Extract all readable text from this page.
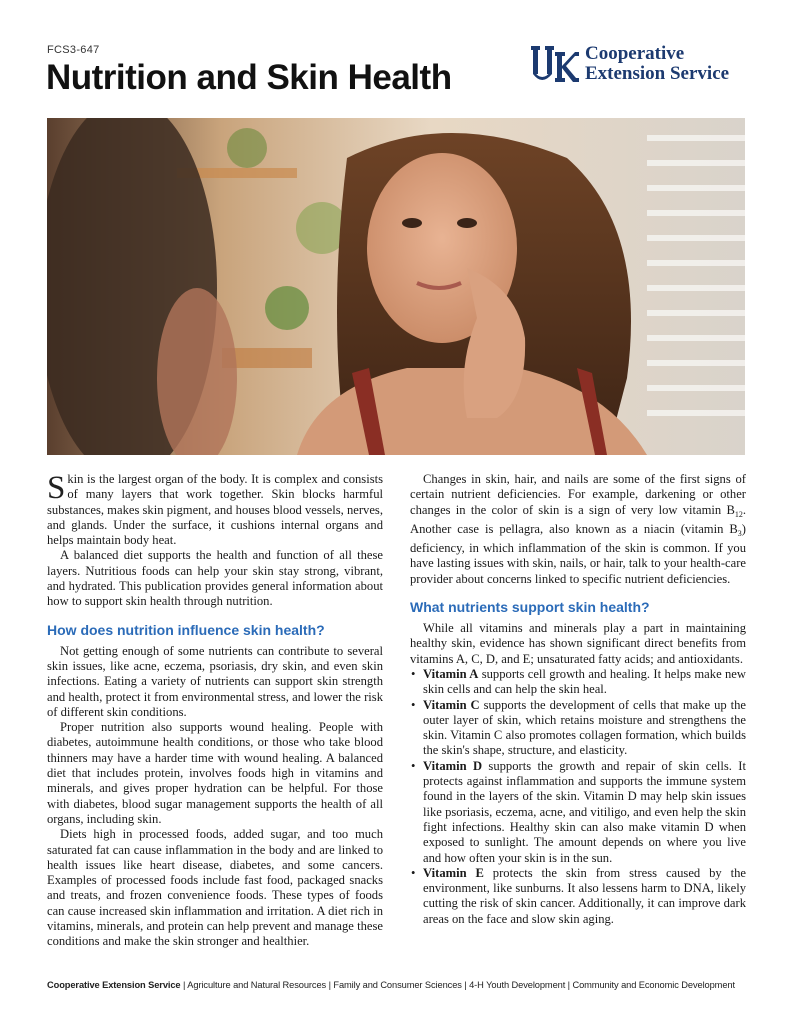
FCS3-647
Nutrition and Skin Health
Cooperative
Extension Service

Skin is the largest organ of the body. It is complex and consists of many layers that work together. Skin blocks harmful substances, makes skin pigment, and houses blood vessels, nerves, and glands. Under the surface, it cushions internal organs and helps maintain body heat.

A balanced diet supports the health and function of all these layers. Nutritious foods can help your skin stay strong, vibrant, and hydrated. This publication provides general information about how to support skin health through nutrition.

How does nutrition influence skin health?

Not getting enough of some nutrients can contribute to several skin issues, like acne, eczema, psoriasis, dry skin, and even skin infections. Eating a variety of nutrients can support skin strength and health, protect it from environmental stress, and lower the risk of different skin conditions.

Proper nutrition also supports wound healing. People with diabetes, autoimmune health conditions, or those who take blood thinners may have a harder time with wound healing. A balanced diet that includes protein, involves foods high in vitamins and minerals, and gives proper hydration can be helpful. For those with diabetes, blood sugar management supports the health of all organs, including skin.

Diets high in processed foods, added sugar, and too much saturated fat can cause inflammation in the body and are linked to health issues like heart disease, diabetes, and some cancers. Examples of processed foods include fast food, packaged snacks and treats, and frozen convenience foods. These types of foods can cause increased skin inflammation and irritation. A diet rich in vitamins, minerals, and protein can help prevent and manage these conditions and make the skin stronger and healthier.

Changes in skin, hair, and nails are some of the first signs of certain nutrient deficiencies. For example, darkening or other changes in the color of skin is a sign of very low vitamin $B_{12}$. Another case is pellagra, also known as a niacin (vitamin $B_3$) deficiency, in which inflammation of the skin is common. If you have lasting issues with skin, nails, or hair, talk to your health-care provider about concerns linked to specific nutrient deficiencies.

What nutrients support skin health?

While all vitamins and minerals play a part in maintaining healthy skin, evidence has shown significant direct benefits from vitamins A, C, D, and E; unsaturated fatty acids; and antioxidants.

• Vitamin A supports cell growth and healing. It helps make new skin cells and can help the skin heal.
• Vitamin C supports the development of cells that make up the outer layer of skin, which retains moisture and strengthens the skin. Vitamin C also promotes collagen formation, which builds the skin's shape, structure, and elasticity.
• Vitamin D supports the growth and repair of skin cells. It protects against inflammation and supports the immune system found in the layers of the skin. Vitamin D may help skin issues like psoriasis, eczema, acne, and vitiligo, and even help the skin fight infections. Healthy skin can also make vitamin D when exposed to sunlight. The amount depends on where you live and how often your skin is in the sun.
• Vitamin E protects the skin from stress caused by the environment, like sunburns. It also lessens harm to DNA, likely cutting the risk of skin cancer. Additionally, it can improve dark areas on the face and slow skin aging.
Cooperative Extension Service | Agriculture and Natural Resources | Family and Consumer Sciences | 4-H Youth Development | Community and Economic Development
